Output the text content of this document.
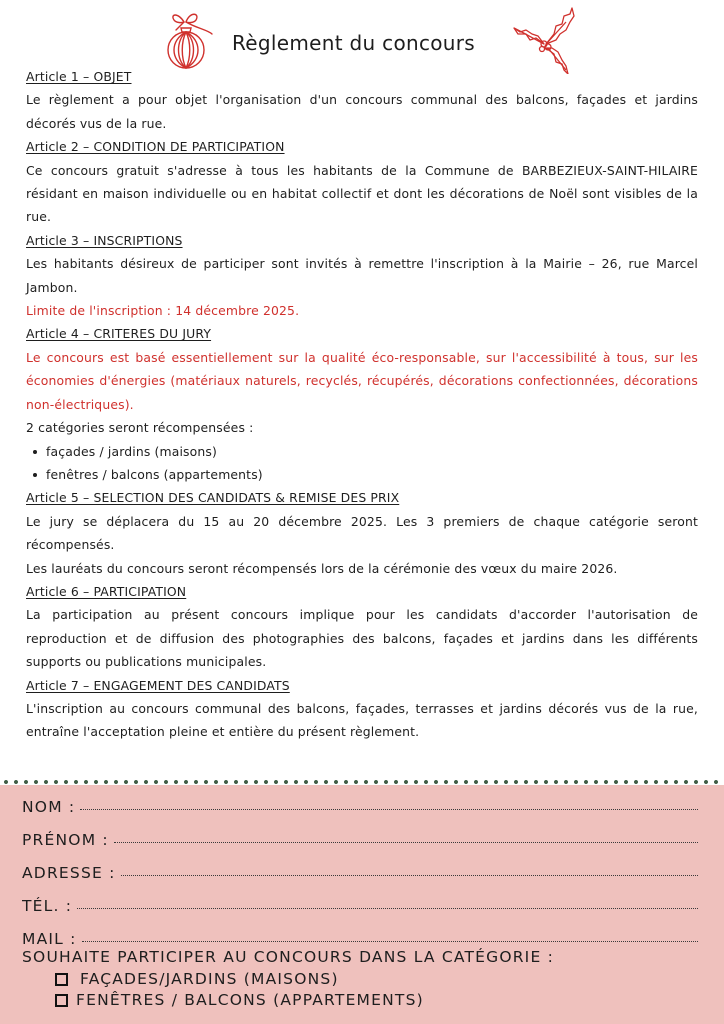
Règlement du concours
Article 1 – OBJET

Le règlement a pour objet l'organisation d'un concours communal des balcons, façades et jardins décorés vus de la rue.

Article 2 – CONDITION DE PARTICIPATION

Ce concours gratuit s'adresse à tous les habitants de la Commune de BARBEZIEUX-SAINT-HILAIRE résidant en maison individuelle ou en habitat collectif et dont les décorations de Noël sont visibles de la rue.

Article 3 – INSCRIPTIONS

Les habitants désireux de participer sont invités à remettre l'inscription à la Mairie – 26, rue Marcel Jambon.

Limite de l'inscription : 14 décembre 2025.

Article 4 – CRITERES DU JURY

Le concours est basé essentiellement sur la qualité éco-responsable, sur l'accessibilité à tous, sur les économies d'énergies (matériaux naturels, recyclés, récupérés, décorations confectionnées, décorations non-électriques).

2 catégories seront récompensées :

façades / jardins (maisons)
fenêtres / balcons (appartements)
Article 5 – SELECTION DES CANDIDATS & REMISE DES PRIX

Le jury se déplacera du 15 au 20 décembre 2025. Les 3 premiers de chaque catégorie seront récompensés.

Les lauréats du concours seront récompensés lors de la cérémonie des vœux du maire 2026.

Article 6 – PARTICIPATION

La participation au présent concours implique pour les candidats d'accorder l'autorisation de reproduction et de diffusion des photographies des balcons, façades et jardins dans les différents supports ou publications municipales.

Article 7 – ENGAGEMENT DES CANDIDATS

L'inscription au concours communal des balcons, façades, terrasses et jardins décorés vus de la rue, entraîne l'acceptation pleine et entière du présent règlement.

NOM :
PRÉNOM :
ADRESSE :
TÉL. :
MAIL :
SOUHAITE PARTICIPER AU CONCOURS DANS LA CATÉGORIE :
FAÇADES/JARDINS (MAISONS)
FENÊTRES / BALCONS (APPARTEMENTS)
